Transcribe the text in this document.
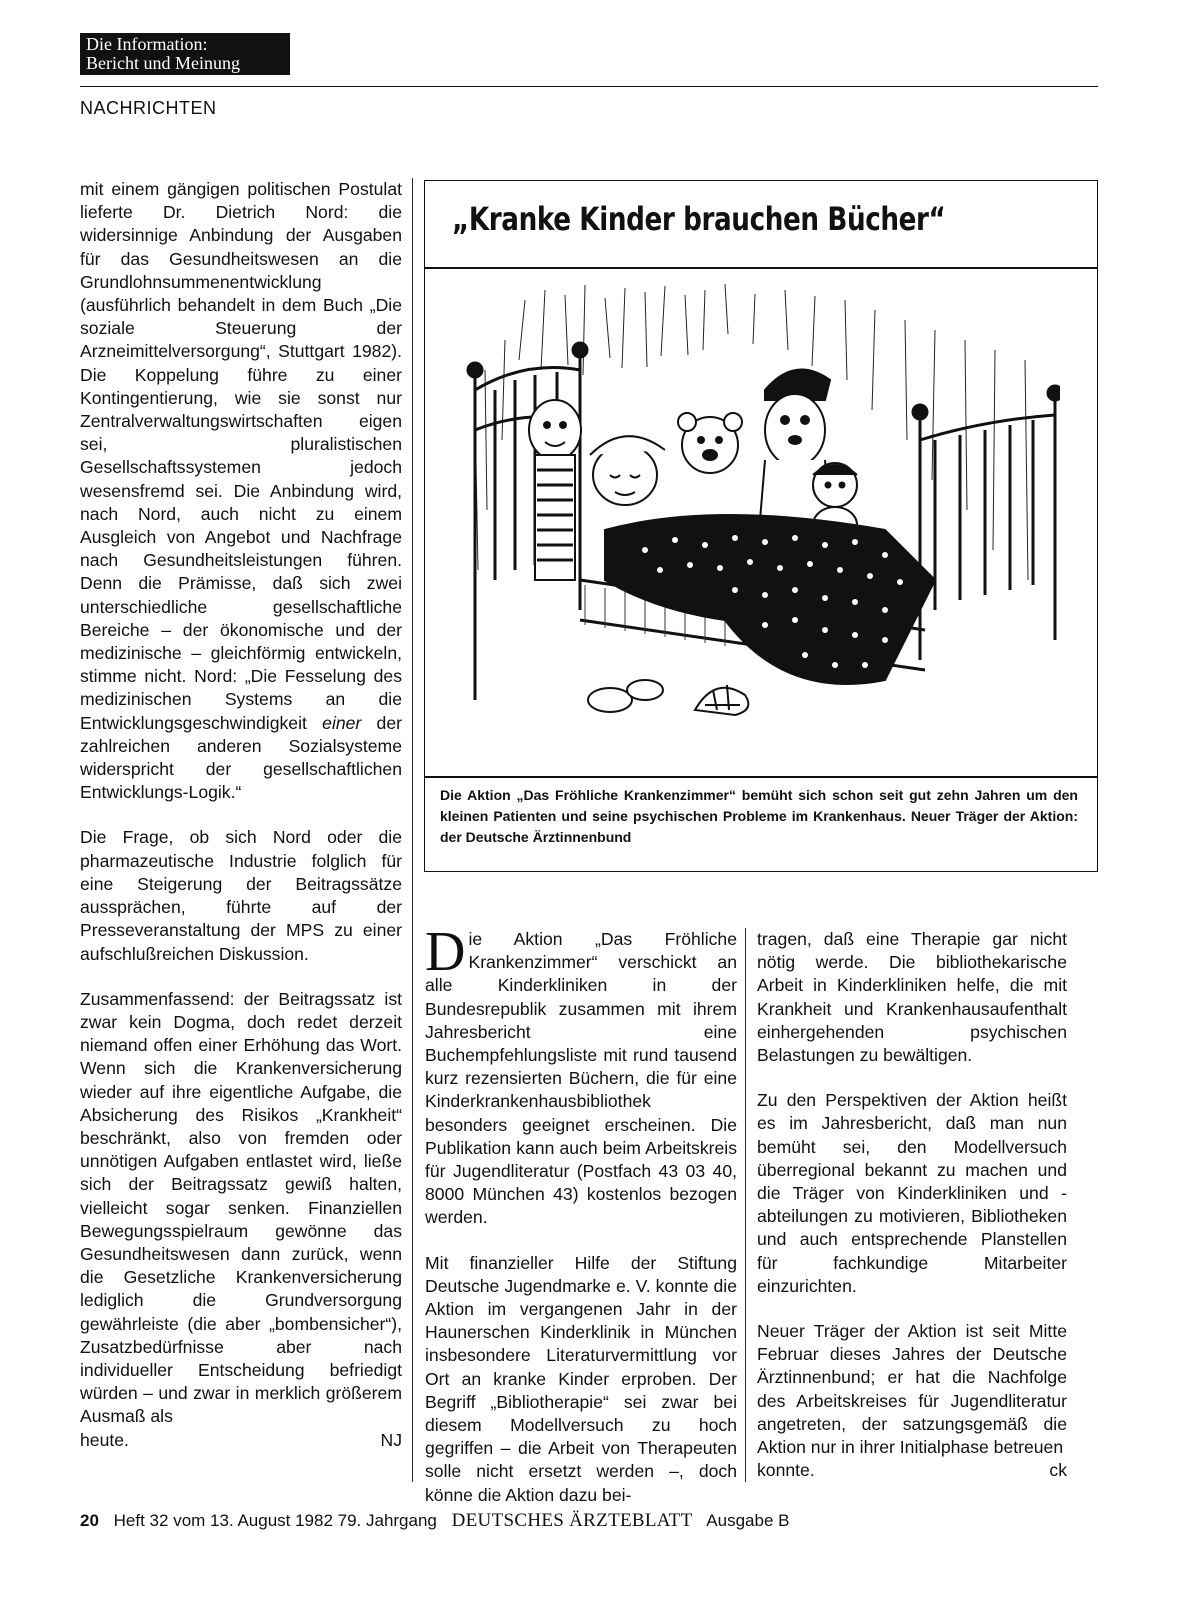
Die Information:
Bericht und Meinung
NACHRICHTEN

mit einem gängigen politischen Postulat lieferte Dr. Dietrich Nord: die widersinnige Anbindung der Ausgaben für das Gesundheitswesen an die Grundlohnsummenentwicklung (ausführlich behandelt in dem Buch „Die soziale Steuerung der Arzneimittelversorgung“, Stuttgart 1982). Die Koppelung führe zu einer Kontingentierung, wie sie sonst nur Zentralverwaltungswirtschaften eigen sei, pluralistischen Gesellschaftssystemen jedoch wesensfremd sei. Die Anbindung wird, nach Nord, auch nicht zu einem Ausgleich von Angebot und Nachfrage nach Gesundheitsleistungen führen. Denn die Prämisse, daß sich zwei unterschiedliche gesellschaftliche Bereiche – der ökonomische und der medizinische – gleichförmig entwickeln, stimme nicht. Nord: „Die Fesselung des medizinischen Systems an die Entwicklungsgeschwindigkeit einer der zahlreichen anderen Sozialsysteme widerspricht der gesellschaftlichen Entwicklungs-Logik.“

Die Frage, ob sich Nord oder die pharmazeutische Industrie folglich für eine Steigerung der Beitragssätze aussprächen, führte auf der Presseveranstaltung der MPS zu einer aufschlußreichen Diskussion.

Zusammenfassend: der Beitragssatz ist zwar kein Dogma, doch redet derzeit niemand offen einer Erhöhung das Wort. Wenn sich die Krankenversicherung wieder auf ihre eigentliche Aufgabe, die Absicherung des Risikos „Krankheit“ beschränkt, also von fremden oder unnötigen Aufgaben entlastet wird, ließe sich der Beitragssatz gewiß halten, vielleicht sogar senken. Finanziellen Bewegungsspielraum gewönne das Gesundheitswesen dann zurück, wenn die Gesetzliche Krankenversicherung lediglich die Grundversorgung gewährleiste (die aber „bombensicher“), Zusatzbedürfnisse aber nach individueller Entscheidung befriedigt würden – und zwar in merklich größerem Ausmaß als

heute.	NJ
„Kranke Kinder brauchen Bücher“
Die Aktion „Das Fröhliche Krankenzimmer“ bemüht sich schon seit gut zehn Jahren um den kleinen Patienten und seine psychischen Probleme im Krankenhaus. Neuer Träger der Aktion: der Deutsche Ärztinnenbund

Die Aktion „Das Fröhliche Krankenzimmer“ verschickt an alle Kinderkliniken in der Bundesrepublik zusammen mit ihrem Jahresbericht eine Buchempfehlungsliste mit rund tausend kurz rezensierten Büchern, die für eine Kinderkrankenhausbibliothek besonders geeignet erscheinen. Die Publikation kann auch beim Arbeitskreis für Jugendliteratur (Postfach 43 03 40, 8000 München 43) kostenlos bezogen werden.

Mit finanzieller Hilfe der Stiftung Deutsche Jugendmarke e. V. konnte die Aktion im vergangenen Jahr in der Haunerschen Kinderklinik in München insbesondere Literaturvermittlung vor Ort an kranke Kinder erproben. Der Begriff „Bibliotherapie“ sei zwar bei diesem Modellversuch zu hoch gegriffen – die Arbeit von Therapeuten solle nicht ersetzt werden –, doch könne die Aktion dazu bei-

tragen, daß eine Therapie gar nicht nötig werde. Die bibliothekarische Arbeit in Kinderkliniken helfe, die mit Krankheit und Krankenhausaufenthalt einhergehenden psychischen Belastungen zu bewältigen.

Zu den Perspektiven der Aktion heißt es im Jahresbericht, daß man nun bemüht sei, den Modellversuch überregional bekannt zu machen und die Träger von Kinderkliniken und -abteilungen zu motivieren, Bibliotheken und auch entsprechende Planstellen für fachkundige Mitarbeiter einzurichten.

Neuer Träger der Aktion ist seit Mitte Februar dieses Jahres der Deutsche Ärztinnenbund; er hat die Nachfolge des Arbeitskreises für Jugendliteratur angetreten, der satzungsgemäß die Aktion nur in ihrer Initialphase betreuen

konnte.	ck
20 Heft 32 vom 13. August 1982 79. Jahrgang DEUTSCHES ÄRZTEBLATT Ausgabe B
